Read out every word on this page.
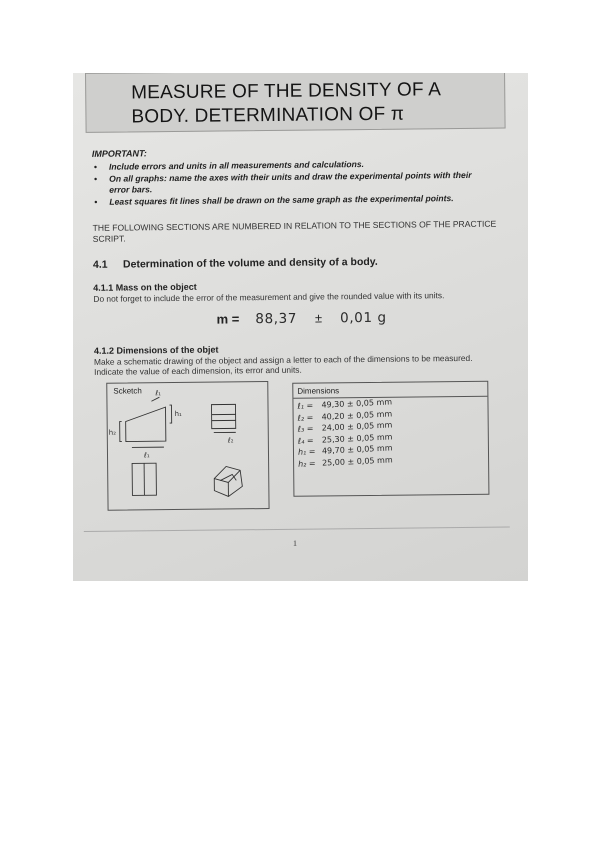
MEASURE OF THE DENSITY OF A
BODY. DETERMINATION OF π
IMPORTANT:
• Include errors and units in all measurements and calculations.
• On all graphs: name the axes with their units and draw the experimental points with their error bars.
• Least squares fit lines shall be drawn on the same graph as the experimental points.
THE FOLLOWING SECTIONS ARE NUMBERED IN RELATION TO THE SECTIONS OF THE PRACTICE SCRIPT.
4.1 Determination of the volume and density of a body.
4.1.1 Mass on the object
Do not forget to include the error of the measurement and give the rounded value with its units.
m = 88,37 ± 0,01 g
4.1.2 Dimensions of the objet
Make a schematic drawing of the object and assign a letter to each of the dimensions to be measured. Indicate the value of each dimension, its error and units.
Scketch ℓ₁
h₂
h₁
ℓ₁
ℓ₂
Dimensions
ℓ₁ = 49,30 ± 0,05 mm
ℓ₂ = 40,20 ± 0,05 mm
ℓ₃ = 24,00 ± 0,05 mm
ℓ₄ = 25,30 ± 0,05 mm
h₁ = 49,70 ± 0,05 mm
h₂ = 25,00 ± 0,05 mm
1
